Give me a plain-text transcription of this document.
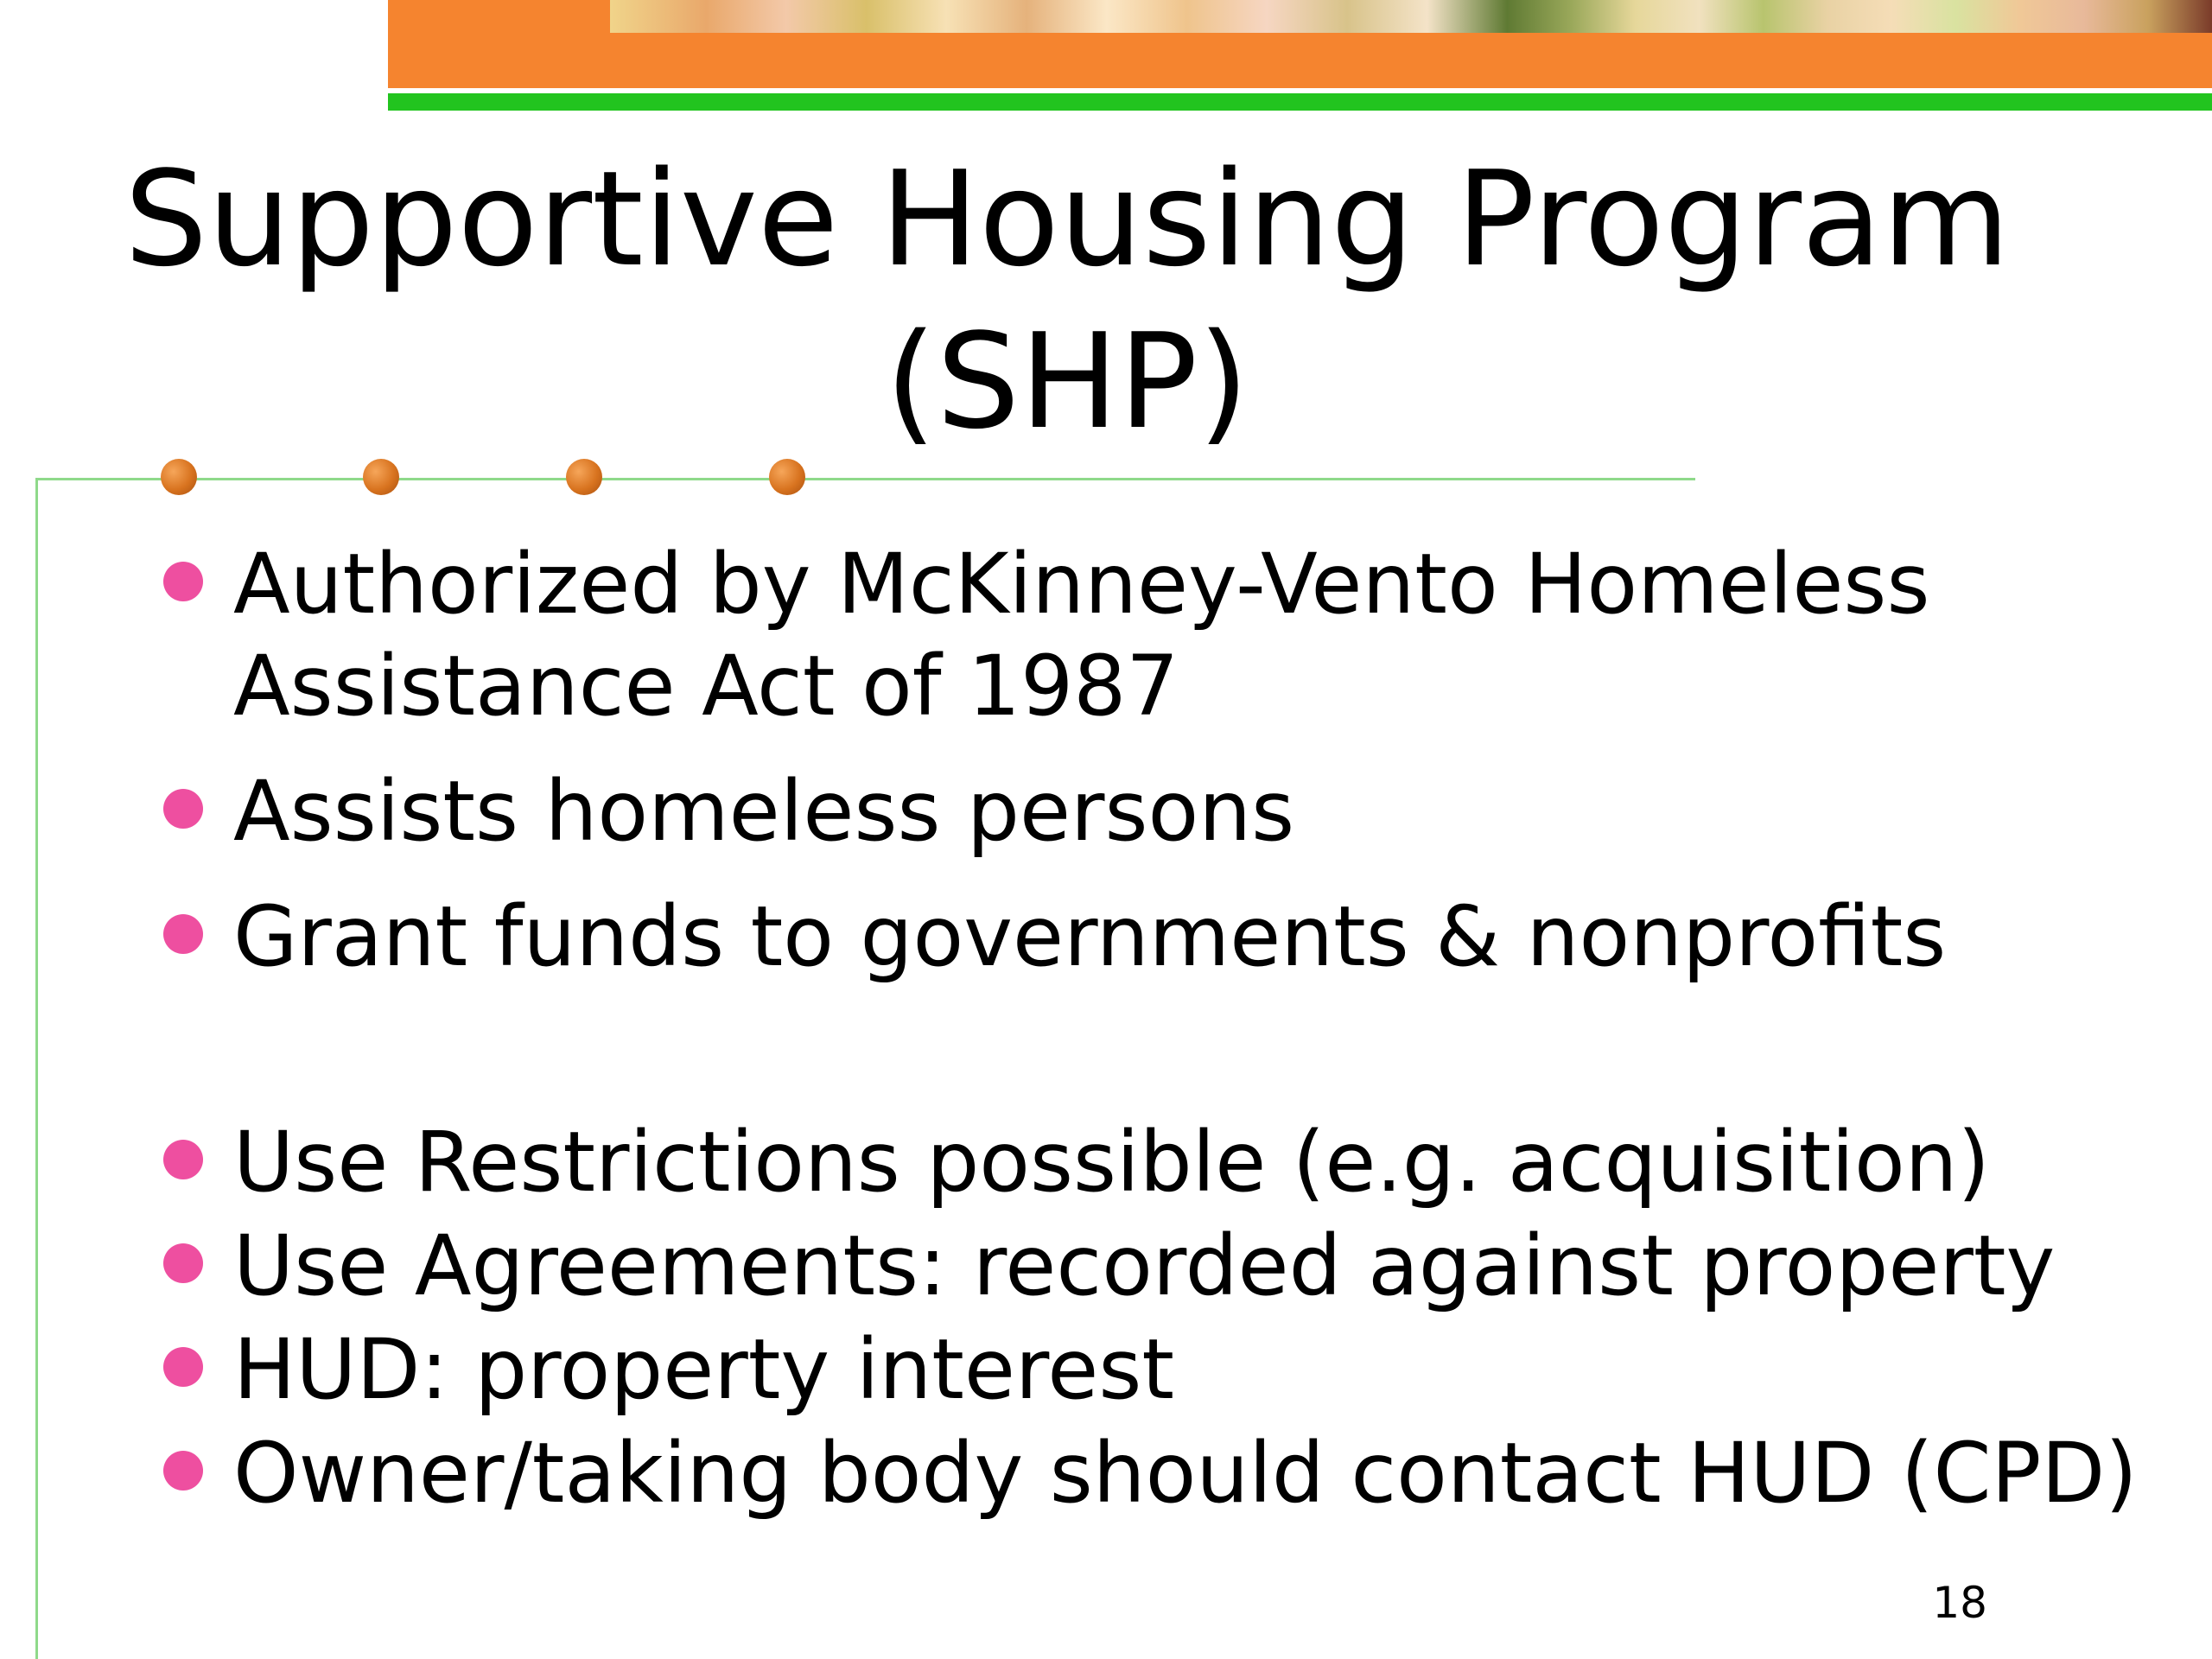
Supportive Housing Program
(SHP)
Authorized by McKinney-Vento Homeless
Assistance Act of 1987
Assists homeless persons
Grant funds to governments & nonprofits
Use Restrictions possible (e.g. acquisition)
Use Agreements: recorded against property
HUD: property interest
Owner/taking body should contact HUD (CPD)
18
